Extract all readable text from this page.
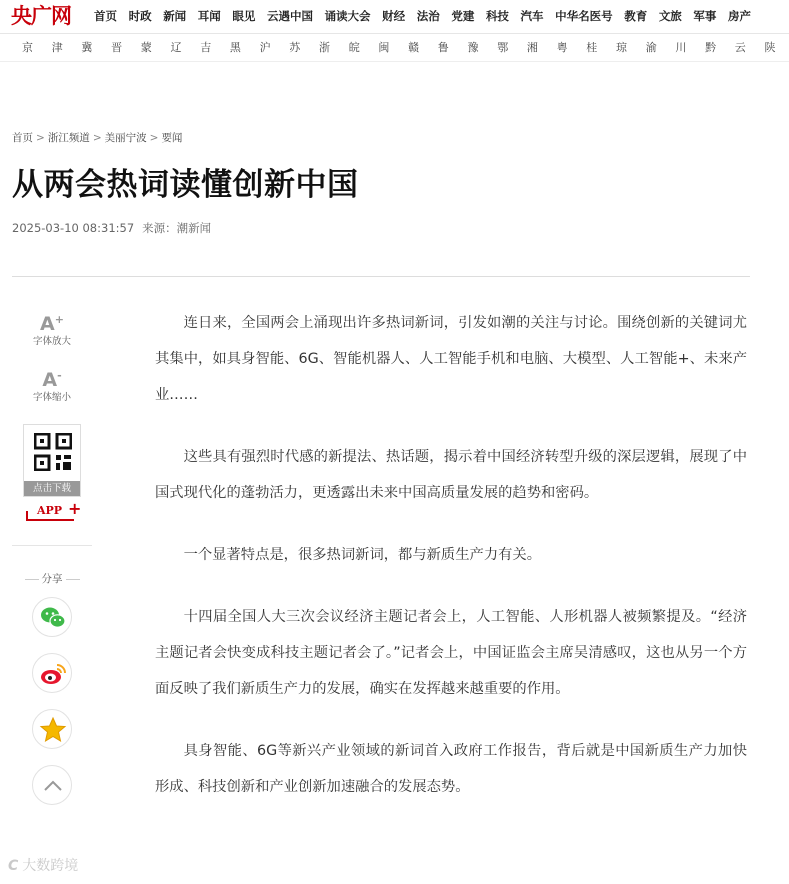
央广网 首页 时政 新闻 耳闻 眼见 云遇中国 诵读大会 财经 法治 党建 科技 汽车 中华名医号 教育 文旅 军事 房产
京 津 冀 晋 蒙 辽 吉 黑 沪 苏 浙 皖 闽 赣 鲁 豫 鄂 湘 粤 桂 琼 渝 川 黔 云 陕
首页 > 浙江频道 > 美丽宁波 > 要闻
从两会热词读懂创新中国
2025-03-10 08:31:57 来源：潮新闻
A+
字体放大
A-
字体缩小
点击下载
APP +
分享

连日来，全国两会上涌现出许多热词新词，引发如潮的关注与讨论。围绕创新的关键词尤其集中，如具身智能、6G、智能机器人、人工智能手机和电脑、大模型、人工智能+、未来产业……

这些具有强烈时代感的新提法、热话题，揭示着中国经济转型升级的深层逻辑，展现了中国式现代化的蓬勃活力，更透露出未来中国高质量发展的趋势和密码。

一个显著特点是，很多热词新词，都与新质生产力有关。

十四届全国人大三次会议经济主题记者会上，人工智能、人形机器人被频繁提及。“经济主题记者会快变成科技主题记者会了。”记者会上，中国证监会主席吴清感叹，这也从另一个方面反映了我们新质生产力的发展，确实在发挥越来越重要的作用。

具身智能、6G等新兴产业领域的新词首入政府工作报告，背后就是中国新质生产力加快形成、科技创新和产业创新加速融合的发展态势。

C 大数跨境
